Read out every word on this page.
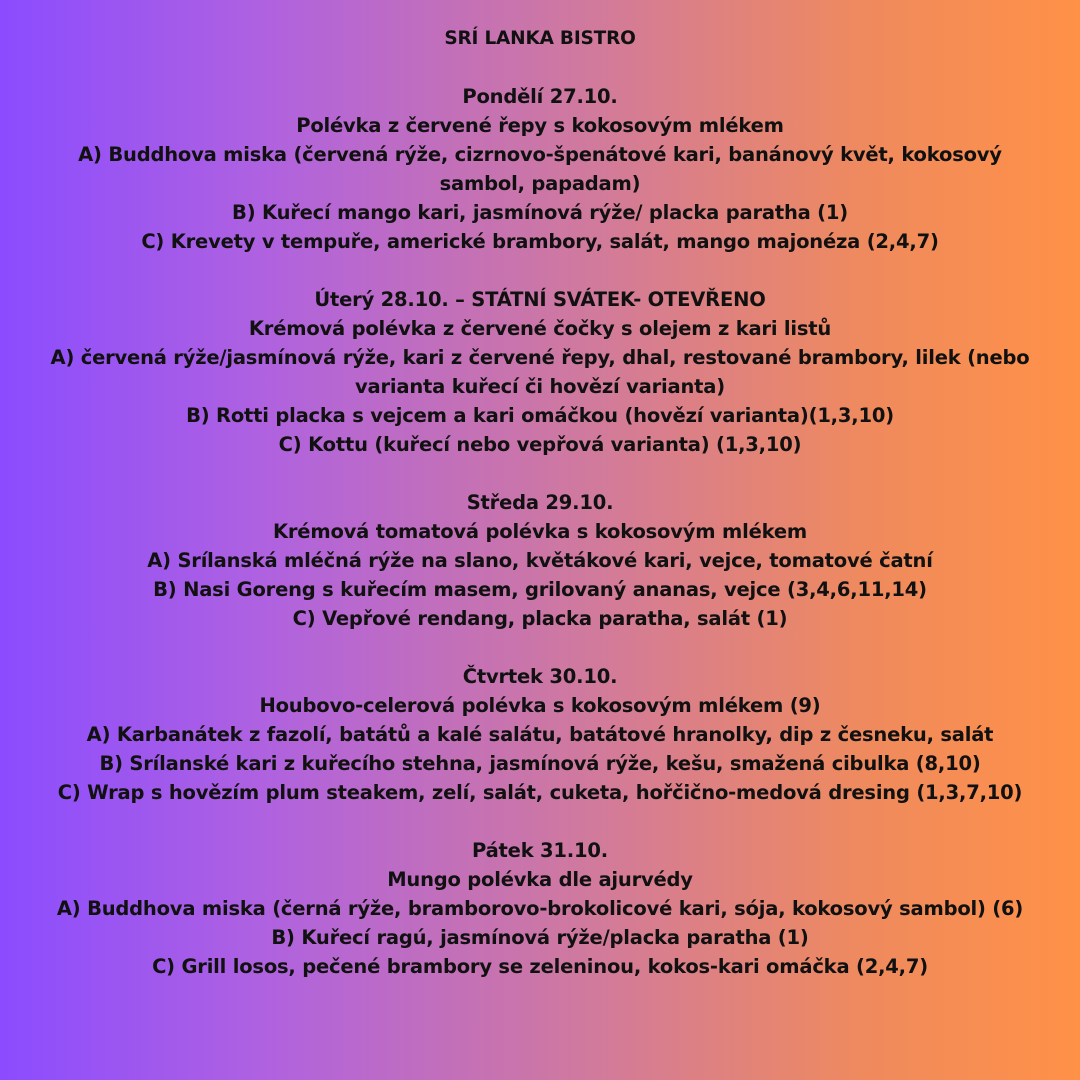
SRÍ LANKA BISTRO
Pondělí 27.10.
Polévka z červené řepy s kokosovým mlékem
A) Buddhova miska (červená rýže, cizrnovo-špenátové kari, banánový květ, kokosový
sambol, papadam)
B) Kuřecí mango kari, jasmínová rýže/ placka paratha (1)
C) Krevety v tempuře, americké brambory, salát, mango majonéza (2,4,7)
Úterý 28.10. – STÁTNÍ SVÁTEK- OTEVŘENO
Krémová polévka z červené čočky s olejem z kari listů
A) červená rýže/jasmínová rýže, kari z červené řepy, dhal, restované brambory, lilek (nebo
varianta kuřecí či hovězí varianta)
B) Rotti placka s vejcem a kari omáčkou (hovězí varianta)(1,3,10)
C) Kottu (kuřecí nebo vepřová varianta) (1,3,10)
Středa 29.10.
Krémová tomatová polévka s kokosovým mlékem
A) Srílanská mléčná rýže na slano, květákové kari, vejce, tomatové čatní
B) Nasi Goreng s kuřecím masem, grilovaný ananas, vejce (3,4,6,11,14)
C) Vepřové rendang, placka paratha, salát (1)
Čtvrtek 30.10.
Houbovo-celerová polévka s kokosovým mlékem (9)
A) Karbanátek z fazolí, batátů a kalé salátu, batátové hranolky, dip z česneku, salát
B) Srílanské kari z kuřecího stehna, jasmínová rýže, kešu, smažená cibulka (8,10)
C) Wrap s hovězím plum steakem, zelí, salát, cuketa, hořčično-medová dresing (1,3,7,10)
Pátek 31.10.
Mungo polévka dle ajurvédy
A) Buddhova miska (černá rýže, bramborovo-brokolicové kari, sója, kokosový sambol) (6)
B) Kuřecí ragú, jasmínová rýže/placka paratha (1)
C) Grill losos, pečené brambory se zeleninou, kokos-kari omáčka (2,4,7)
